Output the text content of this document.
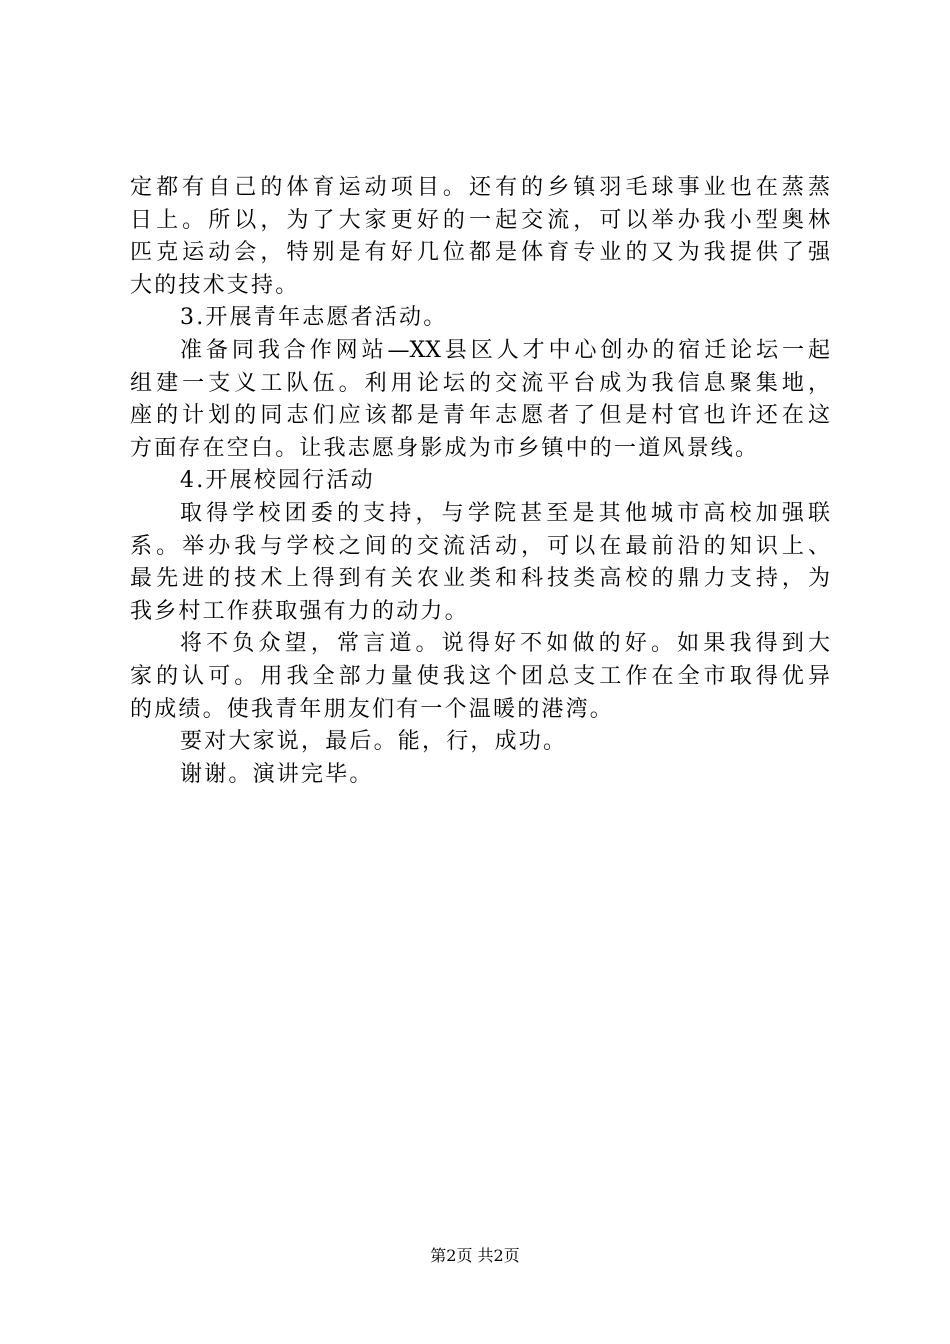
定都有自己的体育运动项目。还有的乡镇羽毛球事业也在蒸蒸
日上。所以，为了大家更好的一起交流，可以举办我小型奥林
匹克运动会，特别是有好几位都是体育专业的又为我提供了强
大的技术支持。
3.开展青年志愿者活动。
准备同我合作网站—XX县区人才中心创办的宿迁论坛一起
组建一支义工队伍。利用论坛的交流平台成为我信息聚集地，
座的计划的同志们应该都是青年志愿者了但是村官也许还在这
方面存在空白。让我志愿身影成为市乡镇中的一道风景线。
4.开展校园行活动
取得学校团委的支持，与学院甚至是其他城市高校加强联
系。举办我与学校之间的交流活动，可以在最前沿的知识上、
最先进的技术上得到有关农业类和科技类高校的鼎力支持，为
我乡村工作获取强有力的动力。
将不负众望，常言道。说得好不如做的好。如果我得到大
家的认可。用我全部力量使我这个团总支工作在全市取得优异
的成绩。使我青年朋友们有一个温暖的港湾。
要对大家说，最后。能，行，成功。
谢谢。演讲完毕。
第2页 共2页
